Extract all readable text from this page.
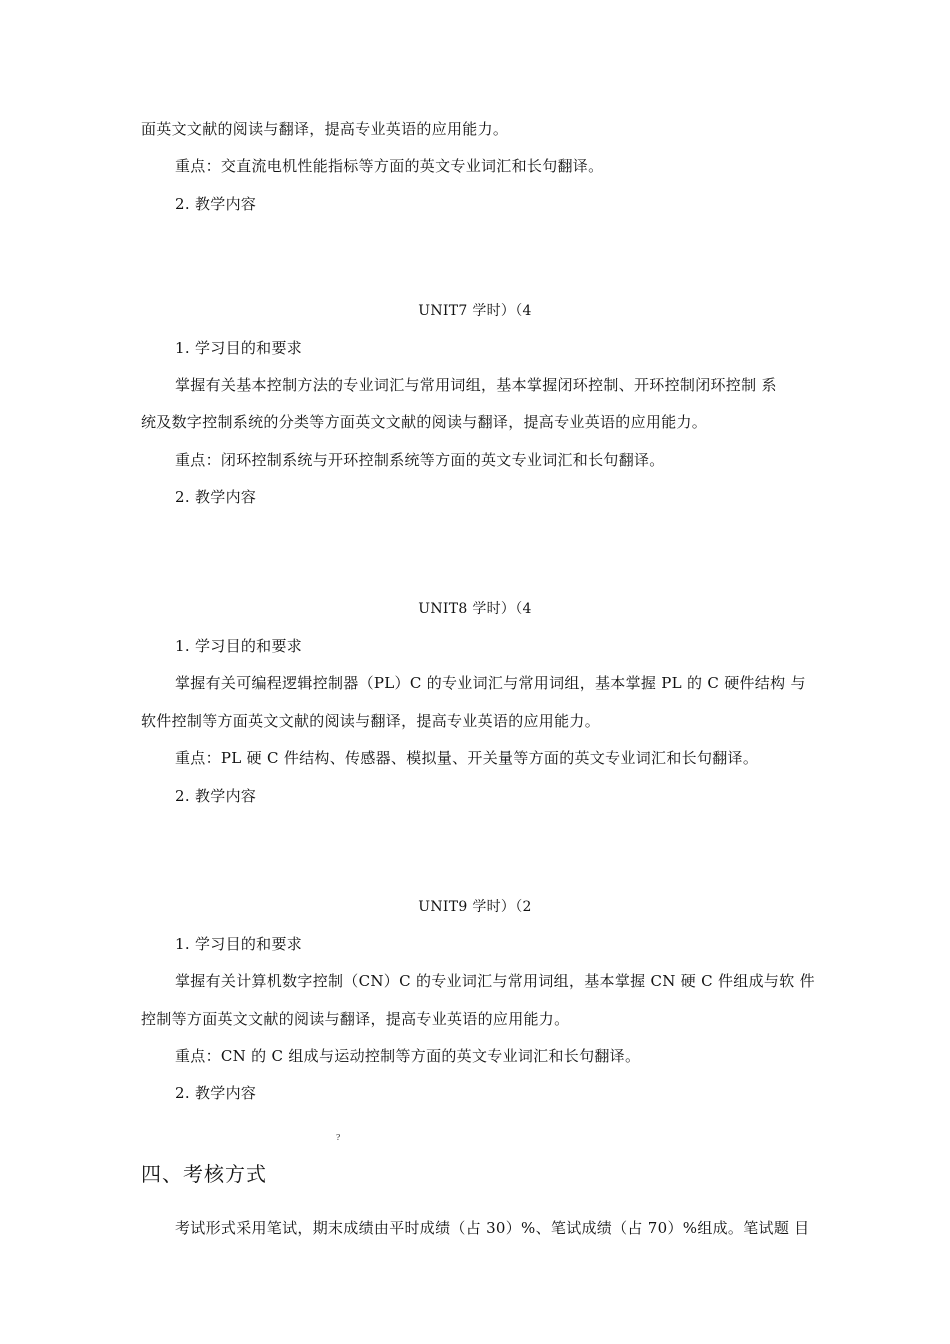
面英文文献的阅读与翻译，提高专业英语的应用能力。
重点：交直流电机性能指标等方面的英文专业词汇和长句翻译。
2. 教学内容
UNIT7 学时）（4
1. 学习目的和要求
掌握有关基本控制方法的专业词汇与常用词组，基本掌握闭环控制、开环控制闭环控制 系
统及数字控制系统的分类等方面英文文献的阅读与翻译，提高专业英语的应用能力。
重点：闭环控制系统与开环控制系统等方面的英文专业词汇和长句翻译。
2. 教学内容
UNIT8 学时）（4
1. 学习目的和要求
掌握有关可编程逻辑控制器（PL）C 的专业词汇与常用词组，基本掌握 PL 的 C 硬件结构 与
软件控制等方面英文文献的阅读与翻译，提高专业英语的应用能力。
重点：PL 硬 C 件结构、传感器、模拟量、开关量等方面的英文专业词汇和长句翻译。
2. 教学内容
UNIT9 学时）（2
1. 学习目的和要求
掌握有关计算机数字控制（CN）C 的专业词汇与常用词组，基本掌握 CN 硬 C 件组成与软 件
控制等方面英文文献的阅读与翻译，提高专业英语的应用能力。
重点：CN 的 C 组成与运动控制等方面的英文专业词汇和长句翻译。
2. 教学内容
?
四、考核方式
考试形式采用笔试，期末成绩由平时成绩（占 30）%、笔试成绩（占 70）%组成。笔试题 目
